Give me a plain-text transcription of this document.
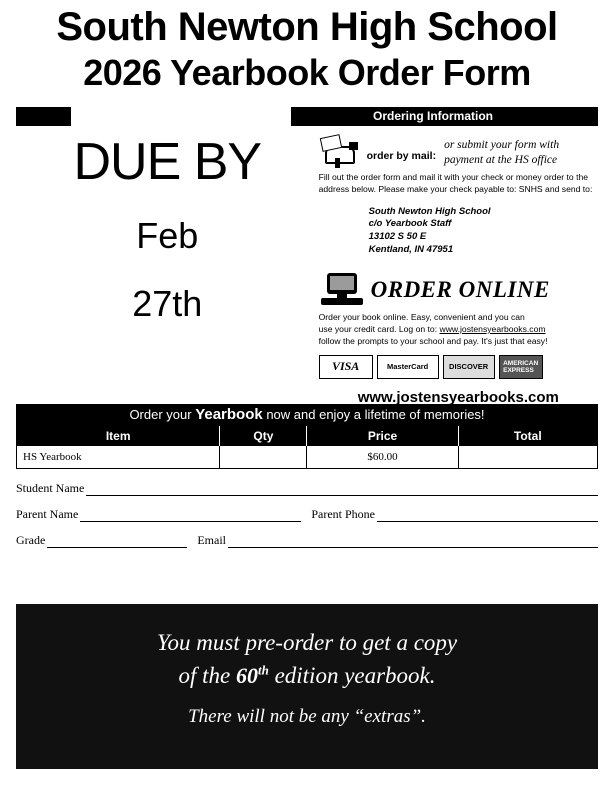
South Newton High School
2026 Yearbook Order Form
Ordering Information
DUE BY
Feb
27th
order by mail:
or submit your form with payment at the HS office
Fill out the order form and mail it with your check or money order to the address below. Please make your check payable to: SNHS and send to:
South Newton High School
c/o Yearbook Staff
13102 S 50 E
Kentland, IN 47951
ORDER ONLINE
Order your book online. Easy, convenient and you can
use your credit card. Log on to: www.jostensyearbooks.com
follow the prompts to your school and pay. It's just that easy!
VISA	MasterCard	DISCOVER	AMERICAN EXPRESS
www.jostensyearbooks.com
Order your Yearbook now and enjoy a lifetime of memories!
Item	Qty	Price	Total
HS Yearbook		$60.00	
Student Name
Parent Name	Parent Phone
Grade	Email
You must pre-order to get a copy
of the 60th edition yearbook.
There will not be any “extras”.
